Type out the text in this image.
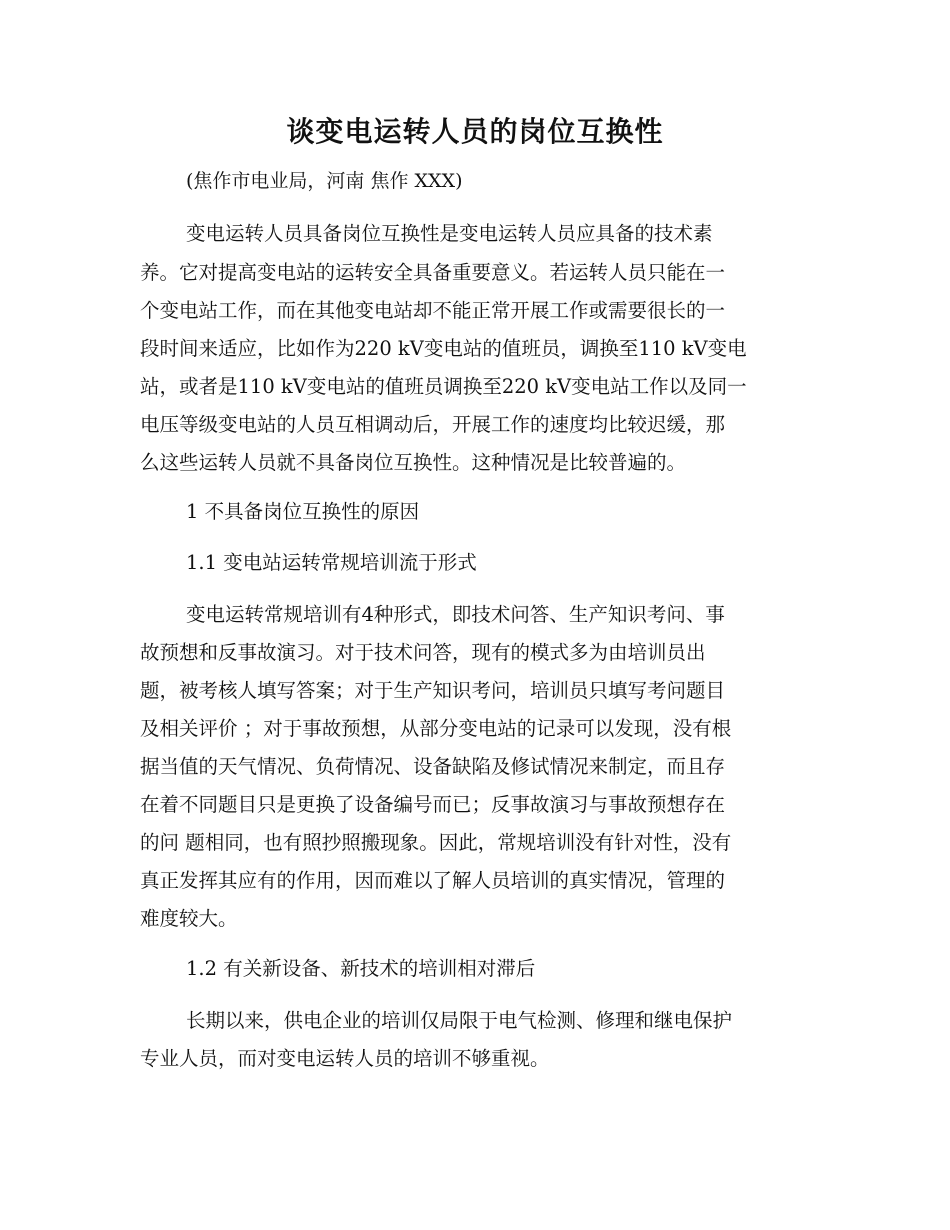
谈变电运转人员的岗位互换性
(焦作市电业局，河南 焦作 XXX)
变电运转人员具备岗位互换性是变电运转人员应具备的技术素
养。它对提高变电站的运转安全具备重要意义。若运转人员只能在一
个变电站工作，而在其他变电站却不能正常开展工作或需要很长的一
段时间来适应，比如作为220 kV变电站的值班员，调换至110 kV变电
站，或者是110 kV变电站的值班员调换至220 kV变电站工作以及同一
电压等级变电站的人员互相调动后，开展工作的速度均比较迟缓，那
么这些运转人员就不具备岗位互换性。这种情况是比较普遍的。
1 不具备岗位互换性的原因
1.1 变电站运转常规培训流于形式
变电运转常规培训有4种形式，即技术问答、生产知识考问、事
故预想和反事故演习。对于技术问答，现有的模式多为由培训员出
题，被考核人填写答案；对于生产知识考问，培训员只填写考问题目
及相关评价 ；对于事故预想，从部分变电站的记录可以发现，没有根
据当值的天气情况、负荷情况、设备缺陷及修试情况来制定，而且存
在着不同题目只是更换了设备编号而已；反事故演习与事故预想存在
的问 题相同，也有照抄照搬现象。因此，常规培训没有针对性，没有
真正发挥其应有的作用，因而难以了解人员培训的真实情况，管理的
难度较大。
1.2 有关新设备、新技术的培训相对滞后
长期以来，供电企业的培训仅局限于电气检测、修理和继电保护
专业人员，而对变电运转人员的培训不够重视。
